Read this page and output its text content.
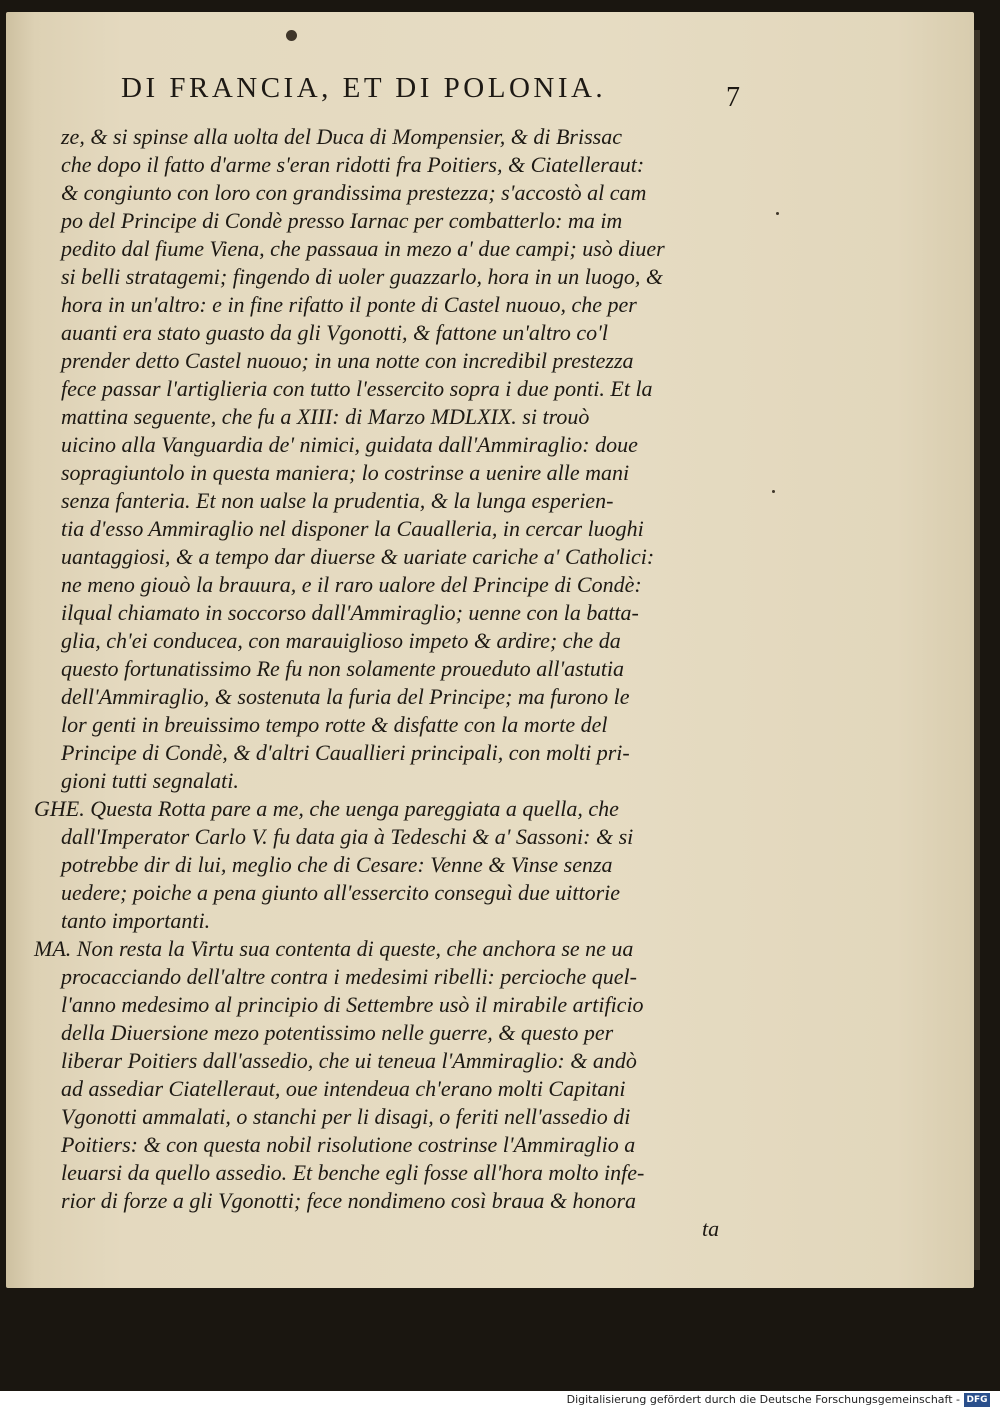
DI FRANCIA, ET DI POLONIA.	7
ze, & si spinse alla uolta del Duca di Mompensier, & di Brissac
che dopo il fatto d'arme s'eran ridotti fra Poitiers, & Ciatelleraut:
& congiunto con loro con grandissima prestezza; s'accostò al cam
po del Principe di Condè presso Iarnac per combatterlo: ma im
pedito dal fiume Viena, che passaua in mezo a' due campi; usò diuer
si belli stratagemi; fingendo di uoler guazzarlo, hora in un luogo, &
hora in un'altro: e in fine rifatto il ponte di Castel nuouo, che per
auanti era stato guasto da gli Vgonotti, & fattone un'altro co'l
prender detto Castel nuouo; in una notte con incredibil prestezza
fece passar l'artiglieria con tutto l'essercito sopra i due ponti. Et la
mattina seguente, che fu a XIII: di Marzo MDLXIX. si trouò
uicino alla Vanguardia de' nimici, guidata dall'Ammiraglio: doue
sopragiuntolo in questa maniera; lo costrinse a uenire alle mani
senza fanteria. Et non ualse la prudentia, & la lunga esperien-
tia d'esso Ammiraglio nel disponer la Caualleria, in cercar luoghi
uantaggiosi, & a tempo dar diuerse & uariate cariche a' Catholici:
ne meno giouò la brauura, e il raro ualore del Principe di Condè:
ilqual chiamato in soccorso dall'Ammiraglio; uenne con la batta-
glia, ch'ei conducea, con marauiglioso impeto & ardire; che da
questo fortunatissimo Re fu non solamente proueduto all'astutia
dell'Ammiraglio, & sostenuta la furia del Principe; ma furono le
lor genti in breuissimo tempo rotte & disfatte con la morte del
Principe di Condè, & d'altri Cauallieri principali, con molti pri-
gioni tutti segnalati.
GHE. Questa Rotta pare a me, che uenga pareggiata a quella, che
dall'Imperator Carlo V. fu data gia à Tedeschi & a' Sassoni: & si
potrebbe dir di lui, meglio che di Cesare: Venne & Vinse senza
uedere; poiche a pena giunto all'essercito conseguì due uittorie
tanto importanti.
MA. Non resta la Virtu sua contenta di queste, che anchora se ne ua
procacciando dell'altre contra i medesimi ribelli: percioche quel-
l'anno medesimo al principio di Settembre usò il mirabile artificio
della Diuersione mezo potentissimo nelle guerre, & questo per
liberar Poitiers dall'assedio, che ui teneua l'Ammiraglio: & andò
ad assediar Ciatelleraut, oue intendeua ch'erano molti Capitani
Vgonotti ammalati, o stanchi per li disagi, o feriti nell'assedio di
Poitiers: & con questa nobil risolutione costrinse l'Ammiraglio a
leuarsi da quello assedio. Et benche egli fosse all'hora molto infe-
rior di forze a gli Vgonotti; fece nondimeno così braua & honora
ta
Digitalisierung gefördert durch die Deutsche Forschungsgemeinschaft - DFG
